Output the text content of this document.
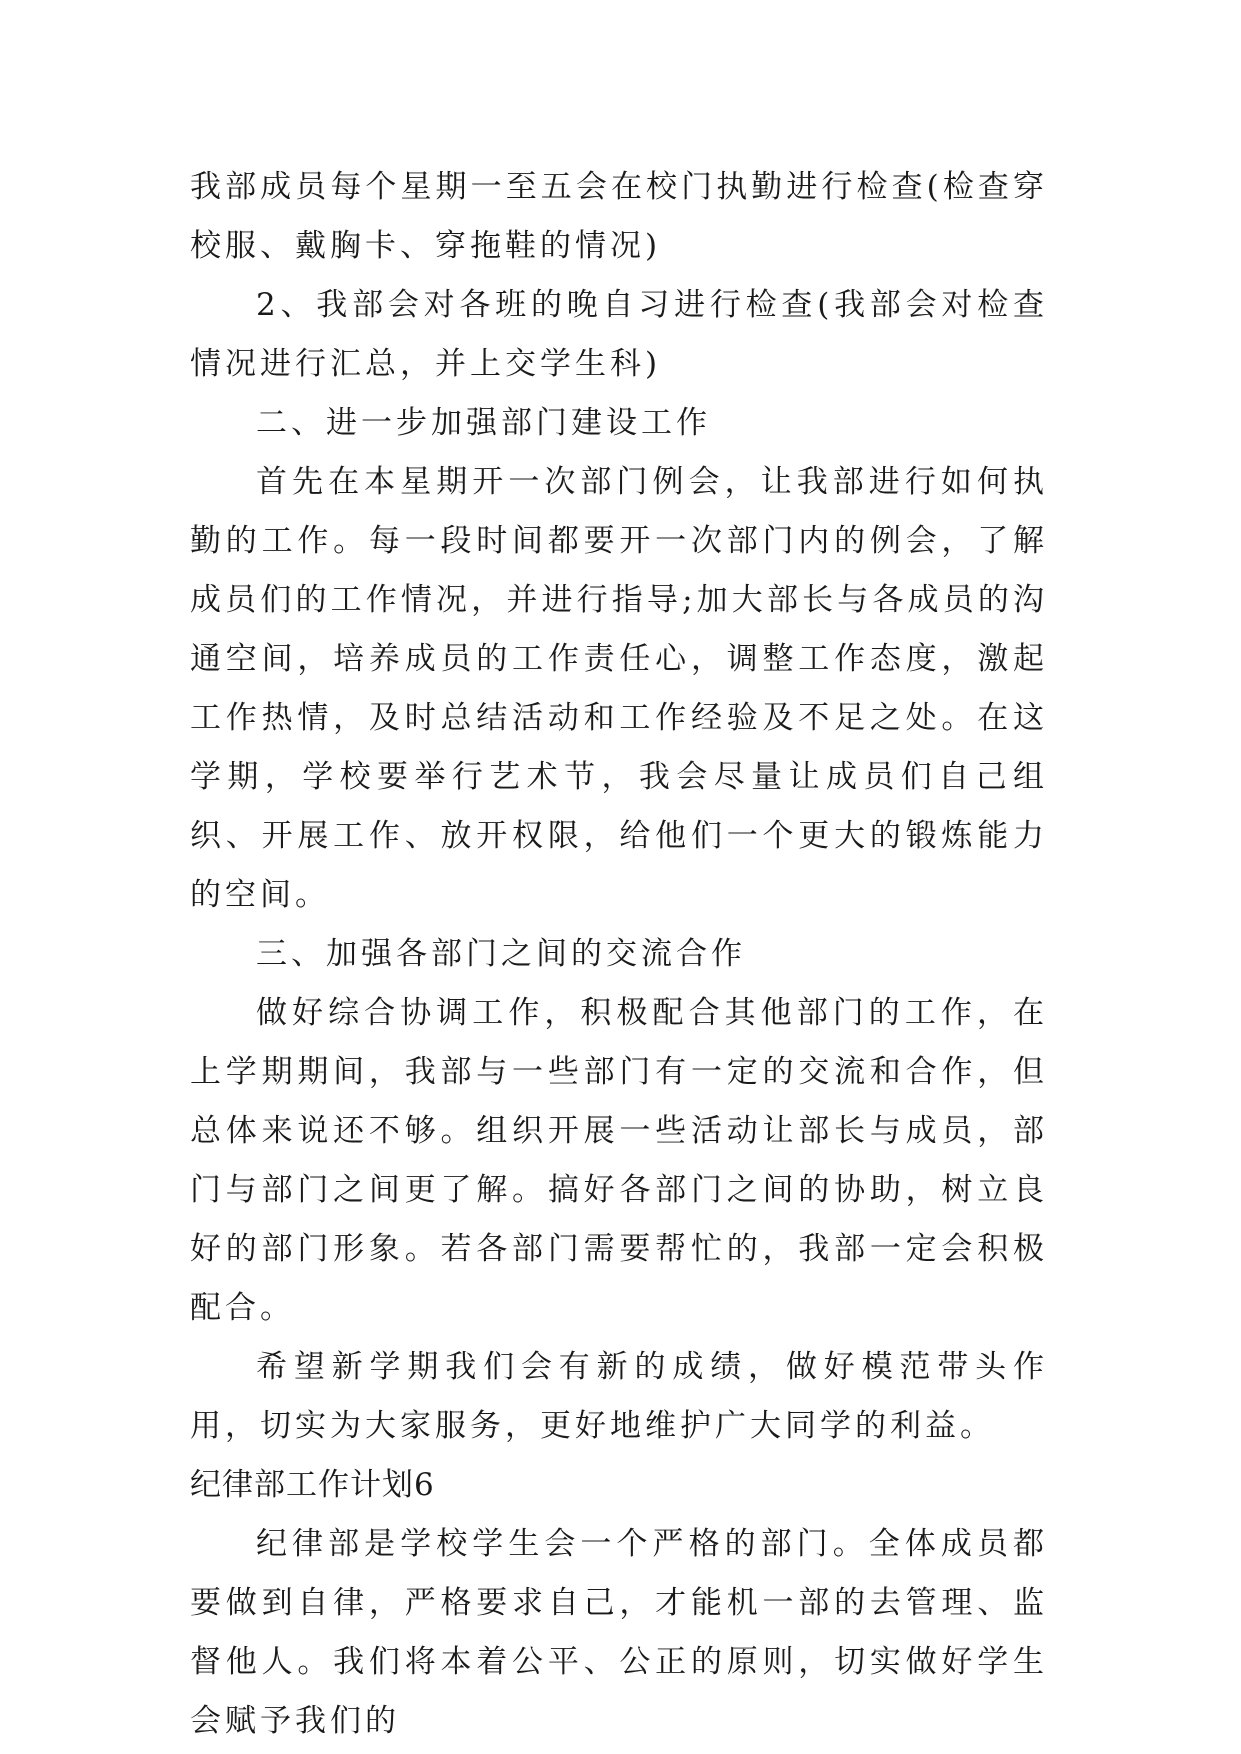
我部成员每个星期一至五会在校门执勤进行检查(检查穿校服、戴胸卡、穿拖鞋的情况)

2、我部会对各班的晚自习进行检查(我部会对检查情况进行汇总，并上交学生科)

二、进一步加强部门建设工作

首先在本星期开一次部门例会，让我部进行如何执勤的工作。每一段时间都要开一次部门内的例会，了解成员们的工作情况，并进行指导;加大部长与各成员的沟通空间，培养成员的工作责任心，调整工作态度，激起工作热情，及时总结活动和工作经验及不足之处。在这学期，学校要举行艺术节，我会尽量让成员们自己组织、开展工作、放开权限，给他们一个更大的锻炼能力的空间。

三、加强各部门之间的交流合作

做好综合协调工作，积极配合其他部门的工作，在上学期期间，我部与一些部门有一定的交流和合作，但总体来说还不够。组织开展一些活动让部长与成员，部门与部门之间更了解。搞好各部门之间的协助，树立良好的部门形象。若各部门需要帮忙的，我部一定会积极配合。

希望新学期我们会有新的成绩，做好模范带头作用，切实为大家服务，更好地维护广大同学的利益。

纪律部工作计划6

纪律部是学校学生会一个严格的部门。全体成员都要做到自律，严格要求自己，才能机一部的去管理、监督他人。我们将本着公平、公正的原则，切实做好学生会赋予我们的
